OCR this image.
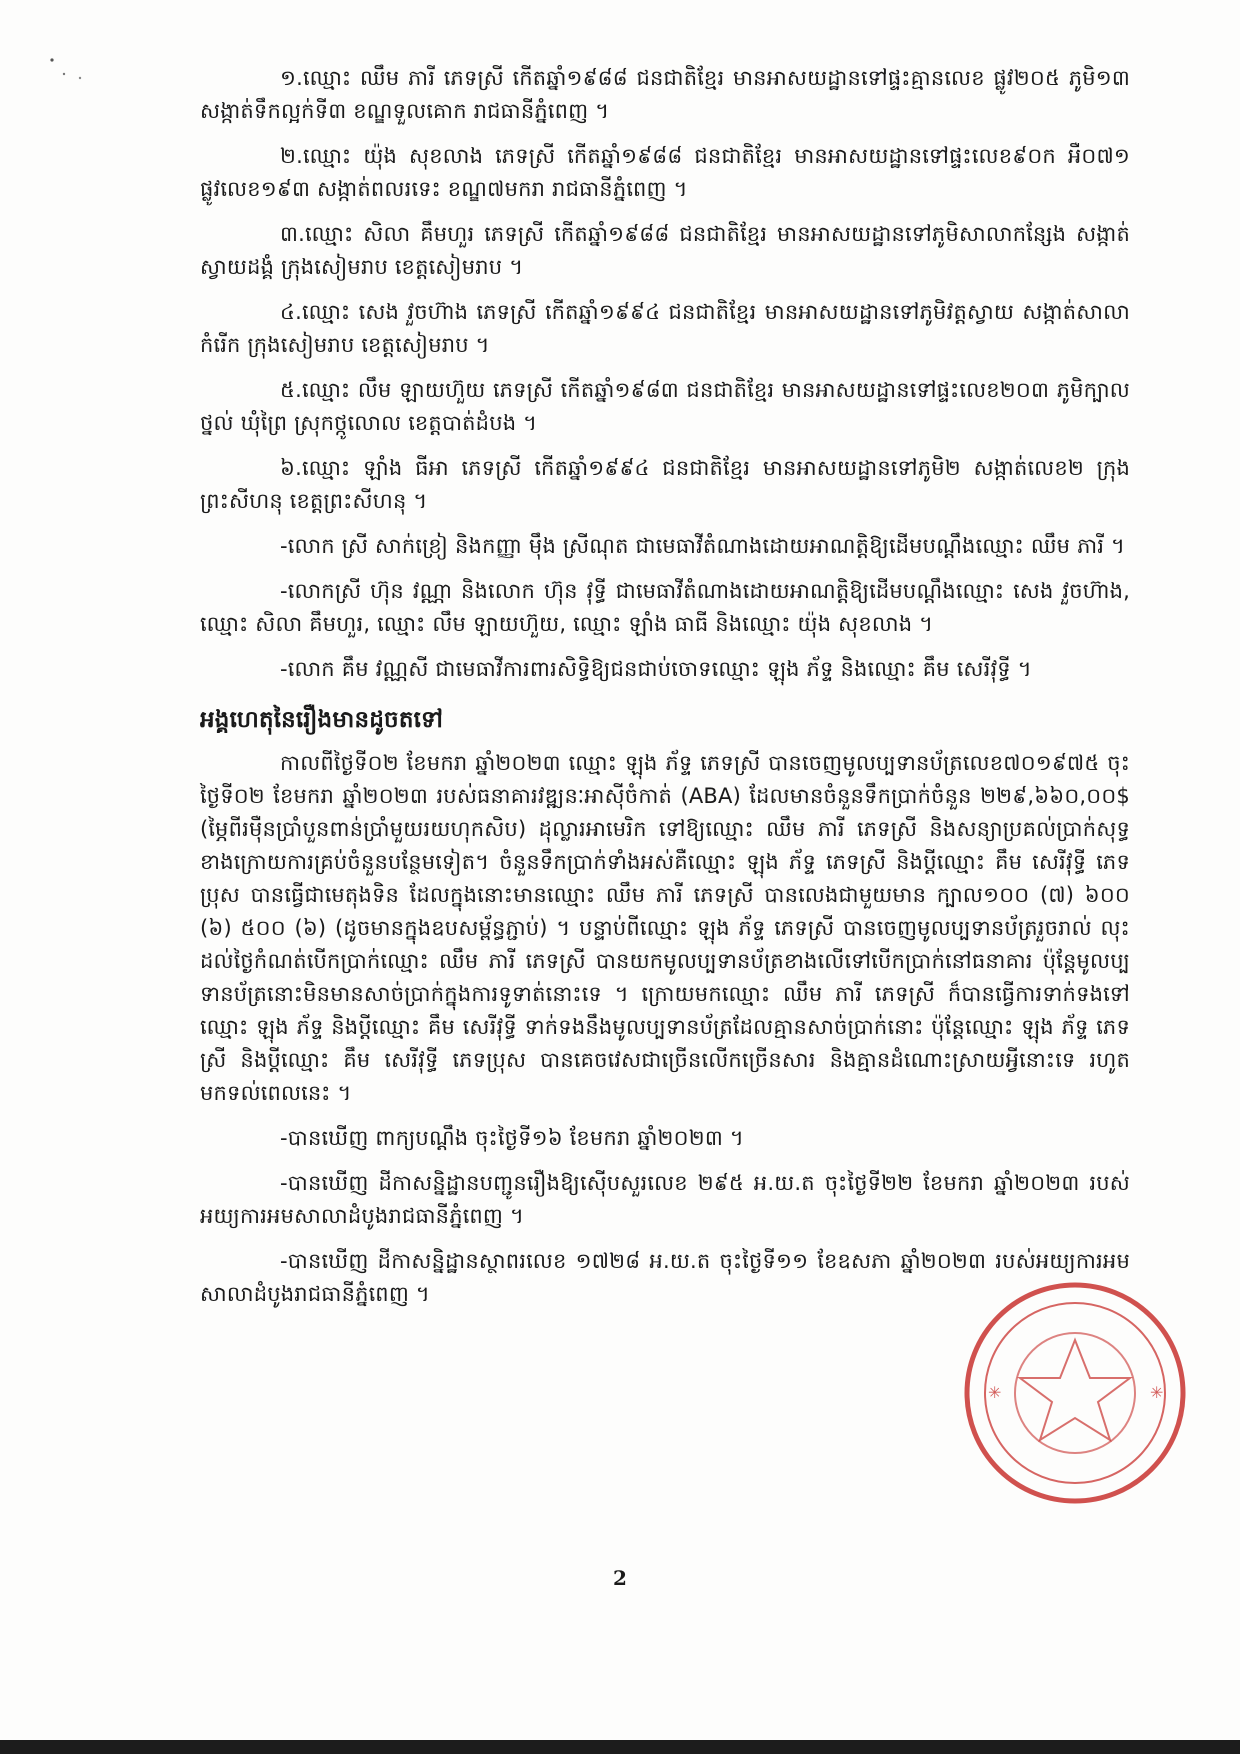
១.ឈ្មោះ ឈឹម ភារី ភេទស្រី កើតឆ្នាំ១៩៨៨ ជនជាតិខ្មែរ មានអាសយដ្ឋានទៅផ្ទះគ្មានលេខ ផ្លូវ២០៥ ភូមិ១៣ សង្កាត់ទឹកល្អក់ទី៣ ខណ្ឌទួលគោក រាជធានីភ្នំពេញ ។

២.ឈ្មោះ យ៉ុង សុខលាង ភេទស្រី កើតឆ្នាំ១៩៨៨ ជនជាតិខ្មែរ មានអាសយដ្ឋានទៅផ្ទះលេខ៩០ក អឺ០៧១ ផ្លូវលេខ១៩៣ សង្កាត់ពលរទេះ ខណ្ឌ៧មករា រាជធានីភ្នំពេញ ។

៣.ឈ្មោះ សិលា គឹមហួរ ភេទស្រី កើតឆ្នាំ១៩៨៨ ជនជាតិខ្មែរ មានអាសយដ្ឋានទៅភូមិសាលាកន្សែង សង្កាត់ស្វាយដង្គំ ក្រុងសៀមរាប ខេត្តសៀមរាប ។

៤.ឈ្មោះ សេង វួចហ៊ាង ភេទស្រី កើតឆ្នាំ១៩៩៤ ជនជាតិខ្មែរ មានអាសយដ្ឋានទៅភូមិវត្តស្វាយ សង្កាត់សាលាកំរើក ក្រុងសៀមរាប ខេត្តសៀមរាប ។

៥.ឈ្មោះ លឹម ឡាយហ៊ួយ ភេទស្រី កើតឆ្នាំ១៩៨៣ ជនជាតិខ្មែរ មានអាសយដ្ឋានទៅផ្ទះលេខ២០៣ ភូមិក្បាលថ្នល់ ឃុំព្រៃ ស្រុកថ្កូលោល ខេត្តបាត់ដំបង ។

៦.ឈ្មោះ ឡាំង ធីអា ភេទស្រី កើតឆ្នាំ១៩៩៤ ជនជាតិខ្មែរ មានអាសយដ្ឋានទៅភូមិ២ សង្កាត់លេខ២ ក្រុងព្រះសីហនុ ខេត្តព្រះសីហនុ ។

-លោក ស្រី សាក់ខ្រៀ និងកញ្ញា ម៉ឹង ស្រីណុត ជាមេធាវីតំណាងដោយអាណត្តិឱ្យដើមបណ្ដឹងឈ្មោះ ឈឹម ភារី ។

-លោកស្រី ហ៊ុន វណ្ណា និងលោក ហ៊ុន វុទ្ធី ជាមេធាវីតំណាងដោយអាណត្តិឱ្យដើមបណ្ដឹងឈ្មោះ សេង វួចហ៊ាង, ឈ្មោះ សិលា គឹមហួរ, ឈ្មោះ លឹម ឡាយហ៊ួយ, ឈ្មោះ ឡាំង ធាធី និងឈ្មោះ យ៉ុង សុខលាង ។

-លោក គឹម វណ្ណសី ជាមេធាវីការពារសិទ្ធិឱ្យជនជាប់ចោទឈ្មោះ ឡុង ភ័ទ្ទ និងឈ្មោះ គឹម សេរីវុទ្ធី ។

អង្គហេតុនៃរឿងមានដូចតទៅ

កាលពីថ្ងៃទី០២ ខែមករា ឆ្នាំ២០២៣ ឈ្មោះ ឡុង ភ័ទ្ទ ភេទស្រី បានចេញមូលប្បទានប័ត្រលេខ៧០១៩៧៥ ចុះថ្ងៃទី០២ ខែមករា ឆ្នាំ២០២៣ របស់ធនាគារវឌ្ឍនៈអាស៊ីចំកាត់ (ABA) ដែលមានចំនួនទឹកប្រាក់ចំនួន ២២៩,៦៦០,០០$ (ម្ភៃពីរម៉ឺនប្រាំបួនពាន់ប្រាំមួយរយហុកសិប) ដុល្លារអាមេរិក ទៅឱ្យឈ្មោះ ឈឹម ភារី ភេទស្រី និងសន្យាប្រគល់ប្រាក់សុទ្ធខាងក្រោយការគ្រប់ចំនួនបន្ថែមទៀត។ ចំនួនទឹកប្រាក់ទាំងអស់គឺឈ្មោះ ឡុង ភ័ទ្ទ ភេទស្រី និងប្ដីឈ្មោះ គឹម សេរីវុទ្ធី ភេទប្រុស បានធ្វើជាមេតុងទិន ដែលក្នុងនោះមានឈ្មោះ ឈឹម ភារី ភេទស្រី បានលេងជាមួយមាន ក្បាល១០០ (៧) ៦០០ (៦) ៥០០ (៦) (ដូចមានក្នុងឧបសម្ព័ន្ធភ្ជាប់) ។ បន្ទាប់ពីឈ្មោះ ឡុង ភ័ទ្ទ ភេទស្រី បានចេញមូលប្បទានប័ត្ររួចរាល់ លុះដល់ថ្ងៃកំណត់បើកប្រាក់ឈ្មោះ ឈឹម ភារី ភេទស្រី បានយកមូលប្បទានប័ត្រខាងលើទៅបើកប្រាក់នៅធនាគារ ប៉ុន្តែមូលប្បទានប័ត្រនោះមិនមានសាច់ប្រាក់ក្នុងការទូទាត់នោះទេ ។ ក្រោយមកឈ្មោះ ឈឹម ភារី ភេទស្រី ក៏បានធ្វើការទាក់ទងទៅឈ្មោះ ឡុង ភ័ទ្ទ និងប្ដីឈ្មោះ គឹម សេរីវុទ្ធី ទាក់ទងនឹងមូលប្បទានប័ត្រដែលគ្មានសាច់ប្រាក់នោះ ប៉ុន្តែឈ្មោះ ឡុង ភ័ទ្ទ ភេទស្រី និងប្ដីឈ្មោះ គឹម សេរីវុទ្ធី ភេទប្រុស បានគេចវេសជាច្រើនលើកច្រើនសារ និងគ្មានដំណោះស្រាយអ្វីនោះទេ រហូតមកទល់ពេលនេះ ។

-បានឃើញ ពាក្យបណ្ដឹង ចុះថ្ងៃទី១៦ ខែមករា ឆ្នាំ២០២៣ ។

-បានឃើញ ដីកាសន្និដ្ឋានបញ្ជូនរឿងឱ្យស៊ើបសួរលេខ ២៩៥ អ.យ.ត ចុះថ្ងៃទី២២ ខែមករា ឆ្នាំ២០២៣ របស់អយ្យការអមសាលាដំបូងរាជធានីភ្នំពេញ ។

-បានឃើញ ដីកាសន្និដ្ឋានស្ថាពរលេខ ១៧២៨ អ.យ.ត ចុះថ្ងៃទី១១ ខែឧសភា ឆ្នាំ២០២៣ របស់អយ្យការអមសាលាដំបូងរាជធានីភ្នំពេញ ។

✳	✳
2
